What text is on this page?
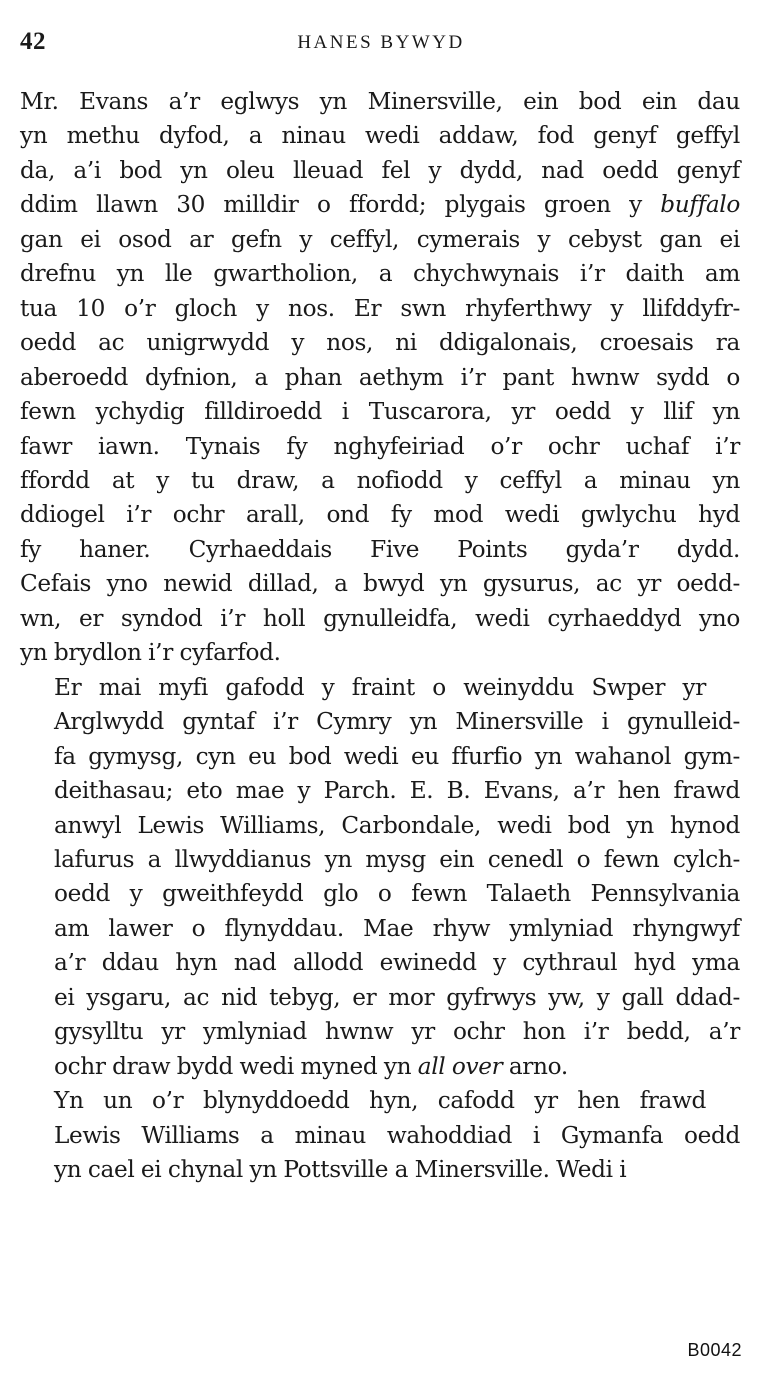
42	HANES BYWYD
Mr. Evans a’r eglwys yn Minersville, ein bod ein dau
yn methu dyfod, a ninau wedi addaw, fod genyf geffyl
da, a’i bod yn oleu lleuad fel y dydd, nad oedd genyf
ddim llawn 30 milldir o ffordd; plygais groen y buffalo
gan ei osod ar gefn y ceffyl, cymerais y cebyst gan ei
drefnu yn lle gwartholion, a chychwynais i’r daith am
tua 10 o’r gloch y nos. Er swn rhyferthwy y llifddyfr-
oedd ac unigrwydd y nos, ni ddigalonais, croesais ra
aberoedd dyfnion, a phan aethym i’r pant hwnw sydd o
fewn ychydig filldiroedd i Tuscarora, yr oedd y llif yn
fawr iawn. Tynais fy nghyfeiriad o’r ochr uchaf i’r
ffordd at y tu draw, a nofiodd y ceffyl a minau yn
ddiogel i’r ochr arall, ond fy mod wedi gwlychu hyd
fy haner. Cyrhaeddais Five Points gyda’r dydd.
Cefais yno newid dillad, a bwyd yn gysurus, ac yr oedd-
wn, er syndod i’r holl gynulleidfa, wedi cyrhaeddyd yno
yn brydlon i’r cyfarfod.
Er mai myfi gafodd y fraint o weinyddu Swper yr
Arglwydd gyntaf i’r Cymry yn Minersville i gynulleid-
fa gymysg, cyn eu bod wedi eu ffurfio yn wahanol gym-
deithasau; eto mae y Parch. E. B. Evans, a’r hen frawd
anwyl Lewis Williams, Carbondale, wedi bod yn hynod
lafurus a llwyddianus yn mysg ein cenedl o fewn cylch-
oedd y gweithfeydd glo o fewn Talaeth Pennsylvania
am lawer o flynyddau. Mae rhyw ymlyniad rhyngwyf
a’r ddau hyn nad allodd ewinedd y cythraul hyd yma
ei ysgaru, ac nid tebyg, er mor gyfrwys yw, y gall ddad-
gysylltu yr ymlyniad hwnw yr ochr hon i’r bedd, a’r
ochr draw bydd wedi myned yn all over arno.
Yn un o’r blynyddoedd hyn, cafodd yr hen frawd
Lewis Williams a minau wahoddiad i Gymanfa oedd
yn cael ei chynal yn Pottsville a Minersville. Wedi i
B0042
